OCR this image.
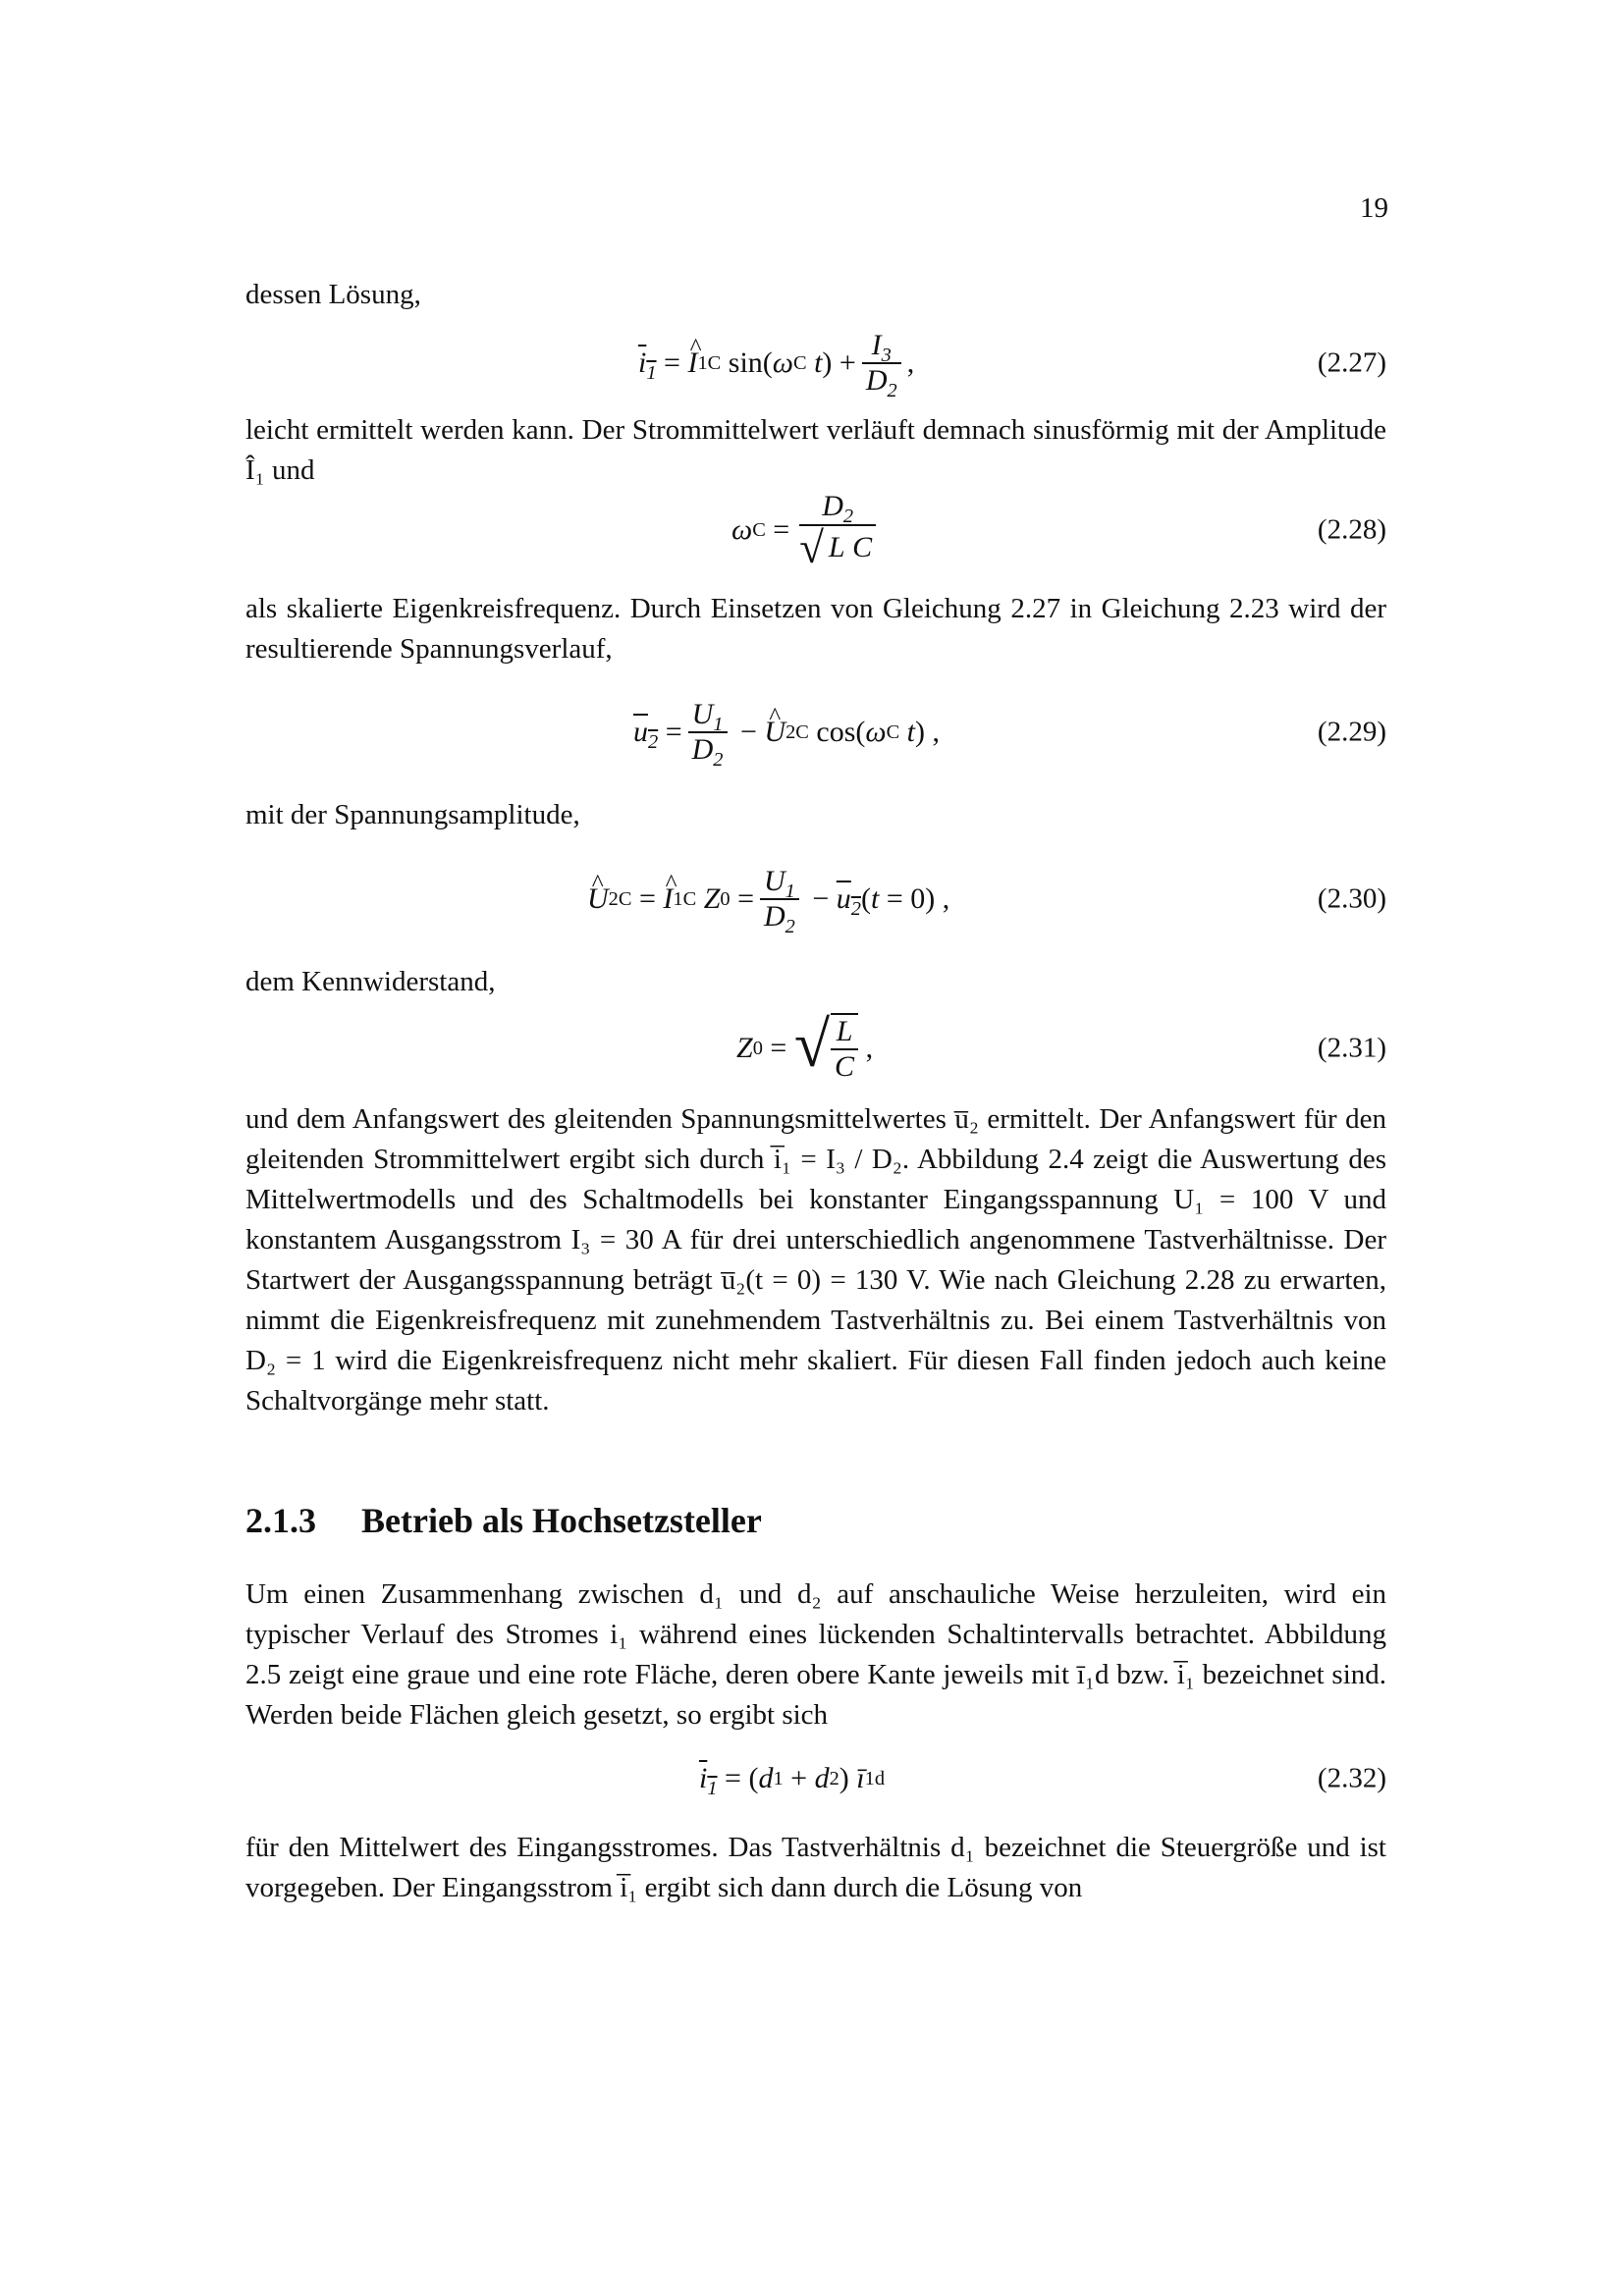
19

dessen Lösung,

$i_1$ = ^ I 1C sin( ω C
t ) + $\frac{I_3}{D_2}$ ,	(2.27)

leicht ermittelt werden kann. Der Strommittelwert verläuft demnach sinusförmig mit der Amplitude Î₁ und

ω C =
$D_2$
√ L C
(2.28)

als skalierte Eigenkreisfrequenz. Durch Einsetzen von Gleichung 2.27 in Gleichung 2.23 wird der resultierende Spannungsverlauf,

$u_2 = \frac{U_1}{D_2}$ − ^ U 2C cos( ω C
t ) ,	(2.29)

mit der Spannungsamplitude,

^ U 2C = ^ I 1C
Z $0 = \frac{U_1}{D_2} - u_2$ ( t = 0) ,	(2.30)

dem Kennwiderstand,

Z 0 = √ $\frac{L}{C}$ ,	(2.31)

und dem Anfangswert des gleitenden Spannungsmittelwertes u̅₂ ermittelt. Der Anfangswert für den gleitenden Strommittelwert ergibt sich durch i̅₁ = I₃ / D₂. Abbildung 2.4 zeigt die Auswertung des Mittelwertmodells und des Schaltmodells bei konstanter Eingangsspannung U₁ = 100 V und konstantem Ausgangsstrom I₃ = 30 A für drei unterschiedlich angenommene Tastverhältnisse. Der Startwert der Ausgangsspannung beträgt u̅₂(t = 0) = 130 V. Wie nach Gleichung 2.28 zu erwarten, nimmt die Eigenkreisfrequenz mit zunehmendem Tastverhältnis zu. Bei einem Tastverhältnis von D₂ = 1 wird die Eigenkreisfrequenz nicht mehr skaliert. Für diesen Fall finden jedoch auch keine Schaltvorgänge mehr statt.

2.1.3 Betrieb als Hochsetzsteller

Um einen Zusammenhang zwischen d₁ und d₂ auf anschauliche Weise herzuleiten, wird ein typischer Verlauf des Stromes i₁ während eines lückenden Schaltintervalls betrachtet. Abbildung 2.5 zeigt eine graue und eine rote Fläche, deren obere Kante jeweils mit ī₁d bzw. i̅₁ bezeichnet sind. Werden beide Flächen gleich gesetzt, so ergibt sich

$i_1$ = ( d 1 + d 2 ) ī 1d	(2.32)

für den Mittelwert des Eingangsstromes. Das Tastverhältnis d₁ bezeichnet die Steuergröße und ist vorgegeben. Der Eingangsstrom i̅₁ ergibt sich dann durch die Lösung von
